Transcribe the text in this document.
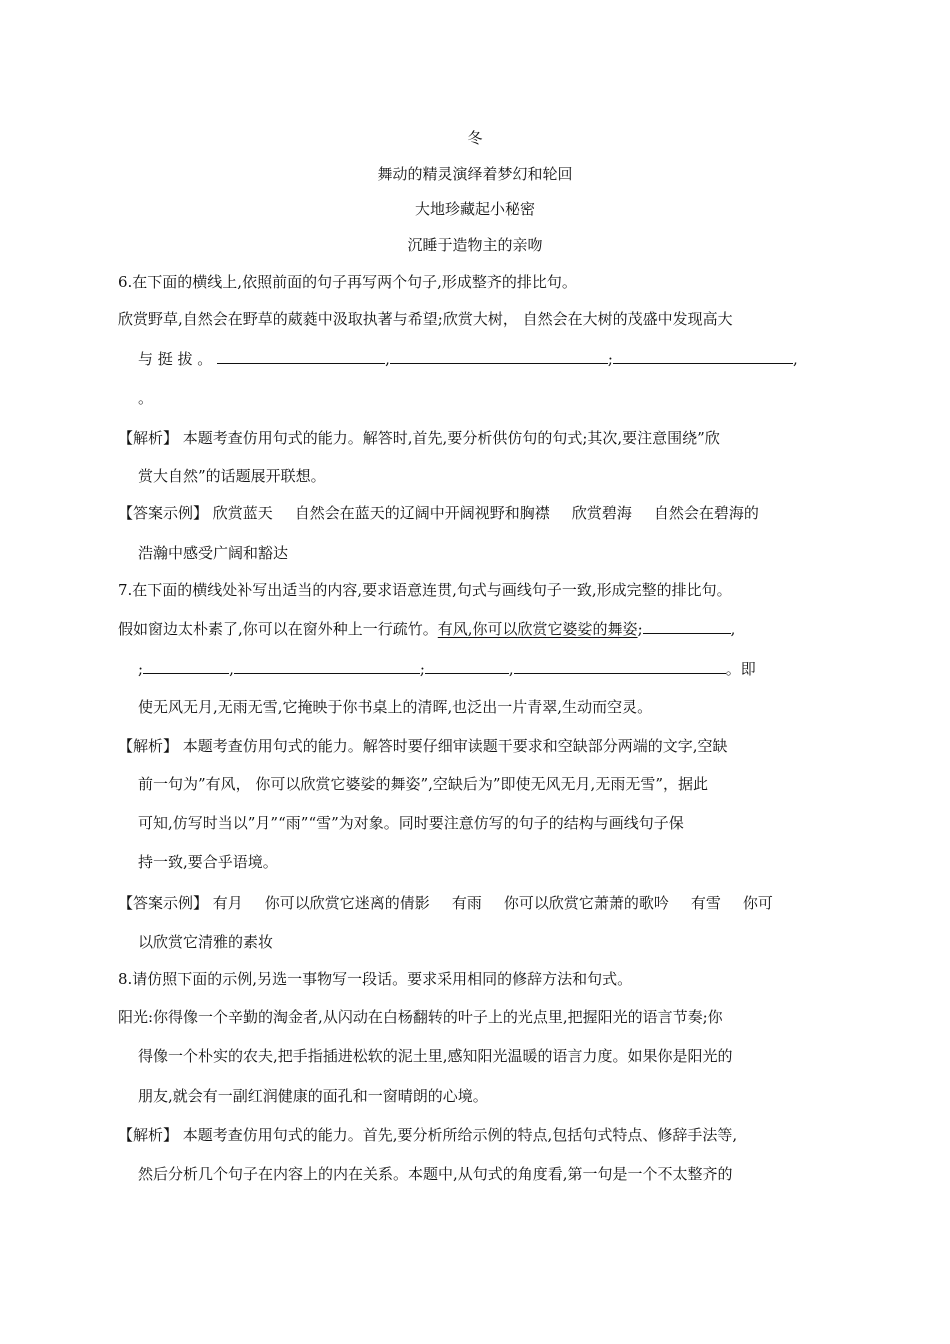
冬
舞动的精灵演绎着梦幻和轮回
大地珍藏起小秘密
沉睡于造物主的亲吻
6.在下面的横线上,依照前面的句子再写两个句子,形成整齐的排比句。
欣赏野草,自然会在野草的葳蕤中汲取执著与希望;欣赏大树， 自然会在大树的茂盛中发现高大
与 挺 拔 。	,	;	,
。
【解析】 本题考查仿用句式的能力。解答时,首先,要分析供仿句的句式;其次,要注意围绕”欣
赏大自然”的话题展开联想。
【答案示例】 欣赏蓝天 自然会在蓝天的辽阔中开阔视野和胸襟 欣赏碧海 自然会在碧海的
浩瀚中感受广阔和豁达
7.在下面的横线处补写出适当的内容,要求语意连贯,句式与画线句子一致,形成完整的排比句。
假如窗边太朴素了,你可以在窗外种上一行疏竹。有风,你可以欣赏它婆娑的舞姿;	,
;	,	;	,	。即
使无风无月,无雨无雪,它掩映于你书桌上的清晖,也泛出一片青翠,生动而空灵。
【解析】 本题考查仿用句式的能力。解答时要仔细审读题干要求和空缺部分两端的文字,空缺
前一句为”有风， 你可以欣赏它婆娑的舞姿”,空缺后为”即使无风无月,无雨无雪”，据此
可知,仿写时当以”月”“雨”“雪”为对象。同时要注意仿写的句子的结构与画线句子保
持一致,要合乎语境。
【答案示例】 有月 你可以欣赏它迷离的倩影 有雨 你可以欣赏它萧萧的歌吟 有雪 你可
以欣赏它清雅的素妆
8.请仿照下面的示例,另选一事物写一段话。要求采用相同的修辞方法和句式。
阳光:你得像一个辛勤的淘金者,从闪动在白杨翻转的叶子上的光点里,把握阳光的语言节奏;你
得像一个朴实的农夫,把手指插进松软的泥土里,感知阳光温暖的语言力度。如果你是阳光的
朋友,就会有一副红润健康的面孔和一窗晴朗的心境。
【解析】 本题考查仿用句式的能力。首先,要分析所给示例的特点,包括句式特点、修辞手法等,
然后分析几个句子在内容上的内在关系。本题中,从句式的角度看,第一句是一个不太整齐的
